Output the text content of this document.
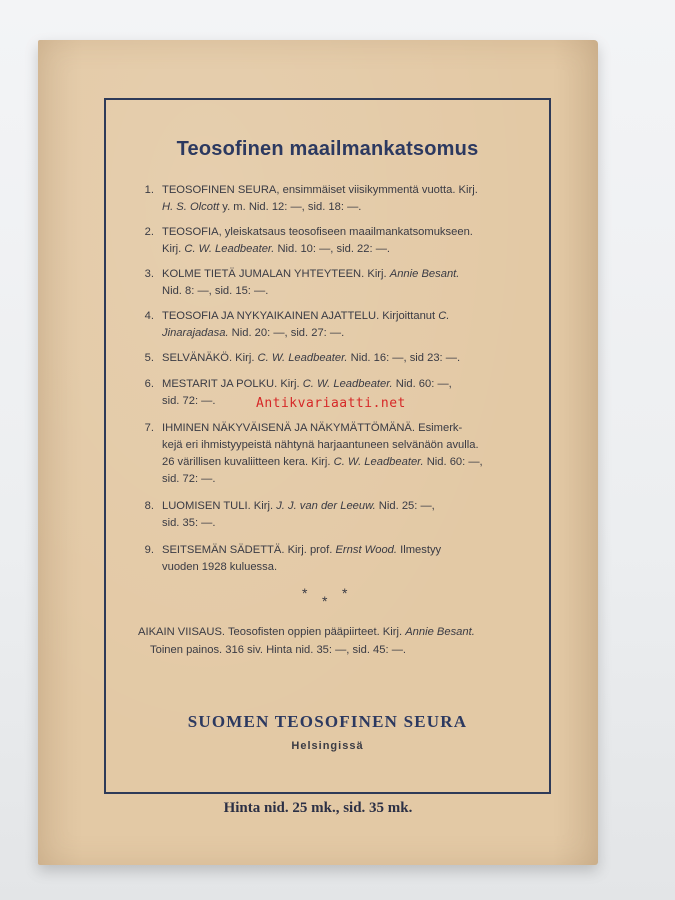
Teosofinen maailmankatsomus
1. TEOSOFINEN SEURA, ensimmäiset viisikymmentä vuotta. Kirj.
H. S. Olcott y. m. Nid. 12: —, sid. 18: —.
2. TEOSOFIA, yleiskatsaus teosofiseen maailmankatsomukseen.
Kirj. C. W. Leadbeater. Nid. 10: —, sid. 22: —.
3. KOLME TIETÄ JUMALAN YHTEYTEEN. Kirj. Annie Besant.
Nid. 8: —, sid. 15: —.
4. TEOSOFIA JA NYKYAIKAINEN AJATTELU. Kirjoittanut C.
Jinarajadasa. Nid. 20: —, sid. 27: —.
5. SELVÄNÄKÖ. Kirj. C. W. Leadbeater. Nid. 16: —, sid 23: —.
6. MESTARIT JA POLKU. Kirj. C. W. Leadbeater. Nid. 60: —,
sid. 72: —.
7. IHMINEN NÄKYVÄISENÄ JA NÄKYMÄTTÖMÄNÄ. Esimerk-
kejä eri ihmistyypeistä nähtynä harjaantuneen selvänäön avulla.
26 värillisen kuvaliitteen kera. Kirj. C. W. Leadbeater. Nid. 60: —,
sid. 72: —.
8. LUOMISEN TULI. Kirj. J. J. van der Leeuw. Nid. 25: —,
sid. 35: —.
9. SEITSEMÄN SÄDETTÄ. Kirj. prof. Ernst Wood. Ilmestyy
vuoden 1928 kuluessa.
* * *
AIKAIN VIISAUS. Teosofisten oppien pääpiirteet. Kirj. Annie Besant.
Toinen painos. 316 siv. Hinta nid. 35: —, sid. 45: —.
SUOMEN TEOSOFINEN SEURA
Helsingissä
Antikvariaatti.net
Hinta nid. 25 mk., sid. 35 mk.
